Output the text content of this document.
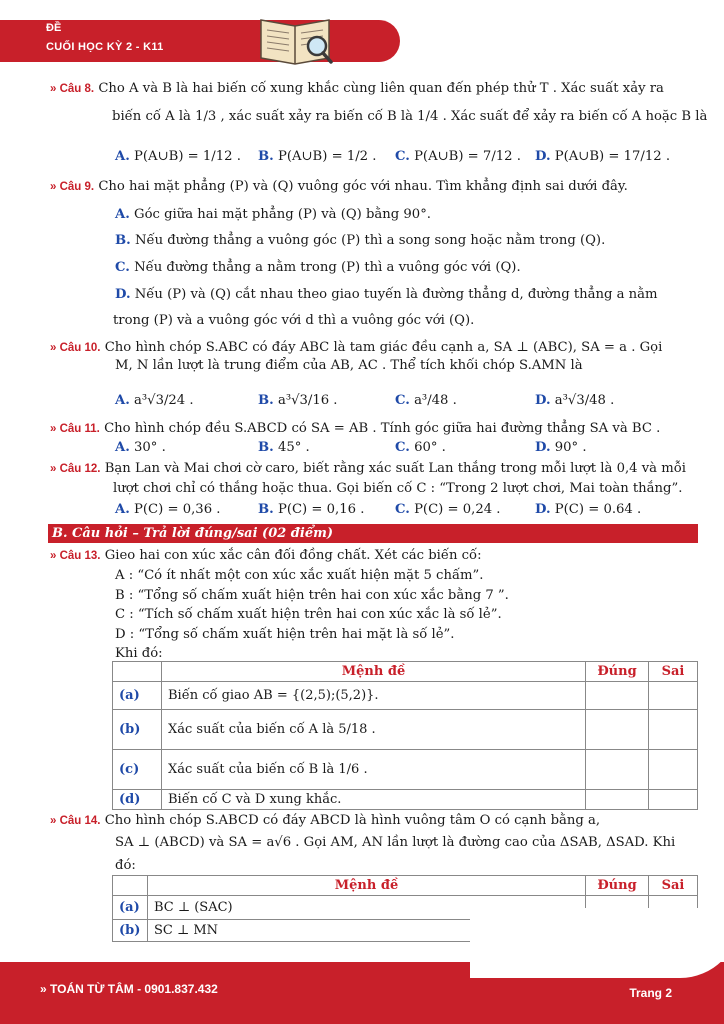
ĐỀ
CUỐI HỌC KỲ 2 - K11
» Câu 8. Cho A và B là hai biến cố xung khắc cùng liên quan đến phép thử T . Xác suất xảy ra
biến cố A là 1/3 , xác suất xảy ra biến cố B là 1/4 . Xác suất để xảy ra biến cố A hoặc B là
A. P(A∪B) = 1/12 . B. P(A∪B) = 1/2 . C. P(A∪B) = 7/12 . D. P(A∪B) = 17/12 .
» Câu 9. Cho hai mặt phẳng (P) và (Q) vuông góc với nhau. Tìm khẳng định sai dưới đây.
A. Góc giữa hai mặt phẳng (P) và (Q) bằng 90°.
B. Nếu đường thẳng a vuông góc (P) thì a song song hoặc nằm trong (Q).
C. Nếu đường thẳng a nằm trong (P) thì a vuông góc với (Q).
D. Nếu (P) và (Q) cắt nhau theo giao tuyến là đường thẳng d, đường thẳng a nằm
trong (P) và a vuông góc với d thì a vuông góc với (Q).
» Câu 10. Cho hình chóp S.ABC có đáy ABC là tam giác đều cạnh a, SA ⊥ (ABC), SA = a . Gọi
M, N lần lượt là trung điểm của AB, AC . Thể tích khối chóp S.AMN là
A. a³√3/24 .	B. a³√3/16 .	C. a³/48 .	D. a³√3/48 .
» Câu 11. Cho hình chóp đều S.ABCD có SA = AB . Tính góc giữa hai đường thẳng SA và BC .
A. 30° .	B. 45° .	C. 60° .	D. 90° .
» Câu 12. Bạn Lan và Mai chơi cờ caro, biết rằng xác suất Lan thắng trong mỗi lượt là 0,4 và mỗi
lượt chơi chỉ có thắng hoặc thua. Gọi biến cố C : “Trong 2 lượt chơi, Mai toàn thắng”.
A. P(C) = 0,36 .	B. P(C) = 0,16 . C. P(C) = 0,24 .	D. P(C) = 0.64 .
B. Câu hỏi – Trả lời đúng/sai (02 điểm)
» Câu 13. Gieo hai con xúc xắc cân đối đồng chất. Xét các biến cố:
A : “Có ít nhất một con xúc xắc xuất hiện mặt 5 chấm”.
B : “Tổng số chấm xuất hiện trên hai con xúc xắc bằng 7 ”.
C : “Tích số chấm xuất hiện trên hai con xúc xắc là số lẻ”.
D : “Tổng số chấm xuất hiện trên hai mặt là số lẻ”.
Khi đó:
	Mệnh đề	Đúng	Sai
(a)	Biến cố giao AB = {(2,5);(5,2)}.		
(b)	Xác suất của biến cố A là 5/18 .		
(c)	Xác suất của biến cố B là 1/6 .		
(d)	Biến cố C và D xung khắc.		
» Câu 14. Cho hình chóp S.ABCD có đáy ABCD là hình vuông tâm O có cạnh bằng a,
SA ⊥ (ABCD) và SA = a√6 . Gọi AM, AN lần lượt là đường cao của ΔSAB, ΔSAD. Khi
đó:
	Mệnh đề	Đúng	Sai
(a)	BC ⊥ (SAC)		
(b)	SC ⊥ MN		
» TOÁN TỪ TÂM - 0901.837.432	Trang 2
